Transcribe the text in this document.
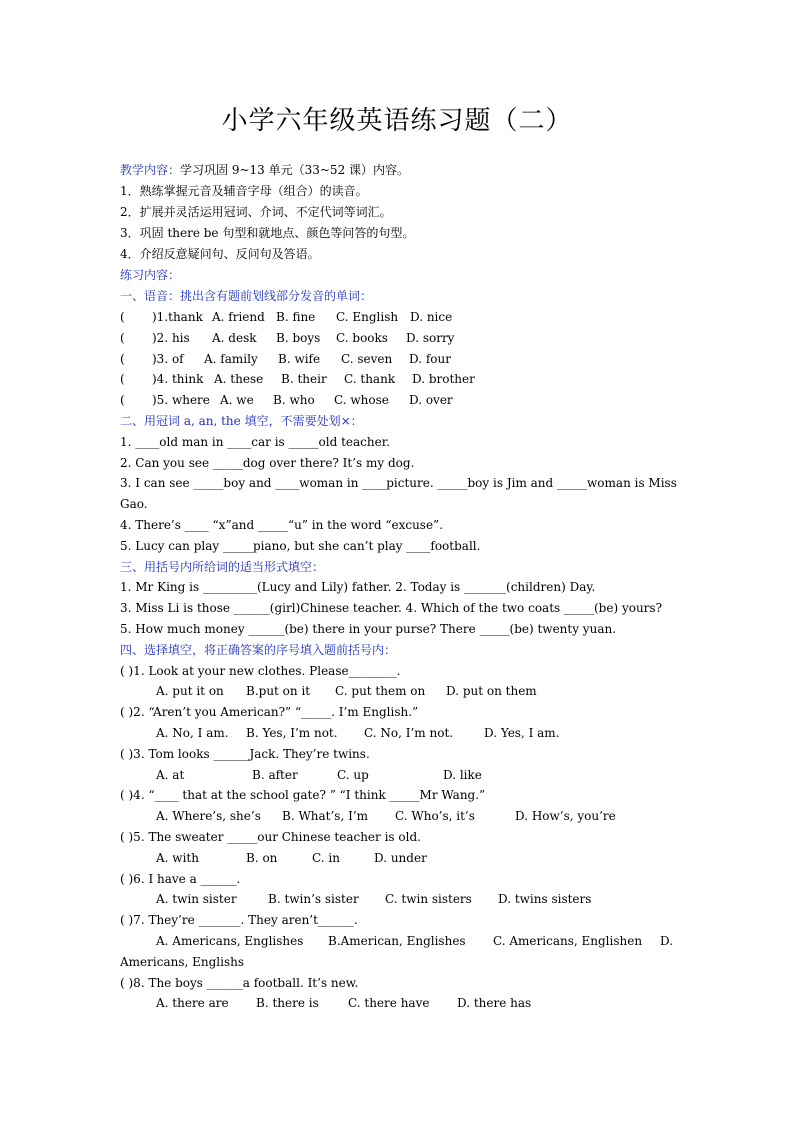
小学六年级英语练习题（二）
教学内容：学习巩固 9~13 单元（33~52 课）内容。
1．熟练掌握元音及辅音字母（组合）的读音。
2．扩展并灵活运用冠词、介词、不定代词等词汇。
3．巩固 there be 句型和就地点、颜色等问答的句型。
4．介绍反意疑问句、反问句及答语。
练习内容：
一、语音：挑出含有题前划线部分发音的单词：
( )1.thank A. friend B. fine C. English D. nice
( )2. his A. desk B. boys C. books D. sorry
( )3. of A. family B. wife C. seven D. four
( )4. think A. these B. their C. thank D. brother
( )5. where A. we B. who C. whose D. over
二、用冠词 a, an, the 填空，不需要处划×：
1. ____old man in ____car is _____old teacher.
2. Can you see _____dog over there? It’s my dog.
3. I can see _____boy and ____woman in ____picture. _____boy is Jim and _____woman is Miss
Gao.
4. There’s ____ “x”and _____“u” in the word “excuse”.
5. Lucy can play _____piano, but she can’t play ____football.
三、用括号内所给词的适当形式填空：
1. Mr King is _________(Lucy and Lily) father. 2. Today is _______(children) Day.
3. Miss Li is those ______(girl)Chinese teacher. 4. Which of the two coats _____(be) yours?
5. How much money ______(be) there in your purse? There _____(be) twenty yuan.
四、选择填空，将正确答案的序号填入题前括号内：
( )1. Look at your new clothes. Please________.
A. put it on B.put on it C. put them on D. put on them
( )2. “Aren’t you American?” “_____. I’m English.”
A. No, I am. B. Yes, I’m not. C. No, I’m not.	D. Yes, I am.
( )3. Tom looks ______Jack. They’re twins.
A. at	B. after	C. up	D. like
( )4. “____ that at the school gate? ” “I think _____Mr Wang.”
A. Where’s, she’s B. What’s, I’m C. Who’s, it’s	D. How’s, you’re
( )5. The sweater _____our Chinese teacher is old.
A. with	B. on	C. in	D. under
( )6. I have a ______.
A. twin sister	B. twin’s sister C. twin sisters D. twins sisters
( )7. They’re _______. They aren’t______.
A. Americans, Englishes B.American, Englishes C. Americans, Englishen D.
Americans, Englishs
( )8. The boys ______a football. It’s new.
A. there are B. there is C. there have D. there has
